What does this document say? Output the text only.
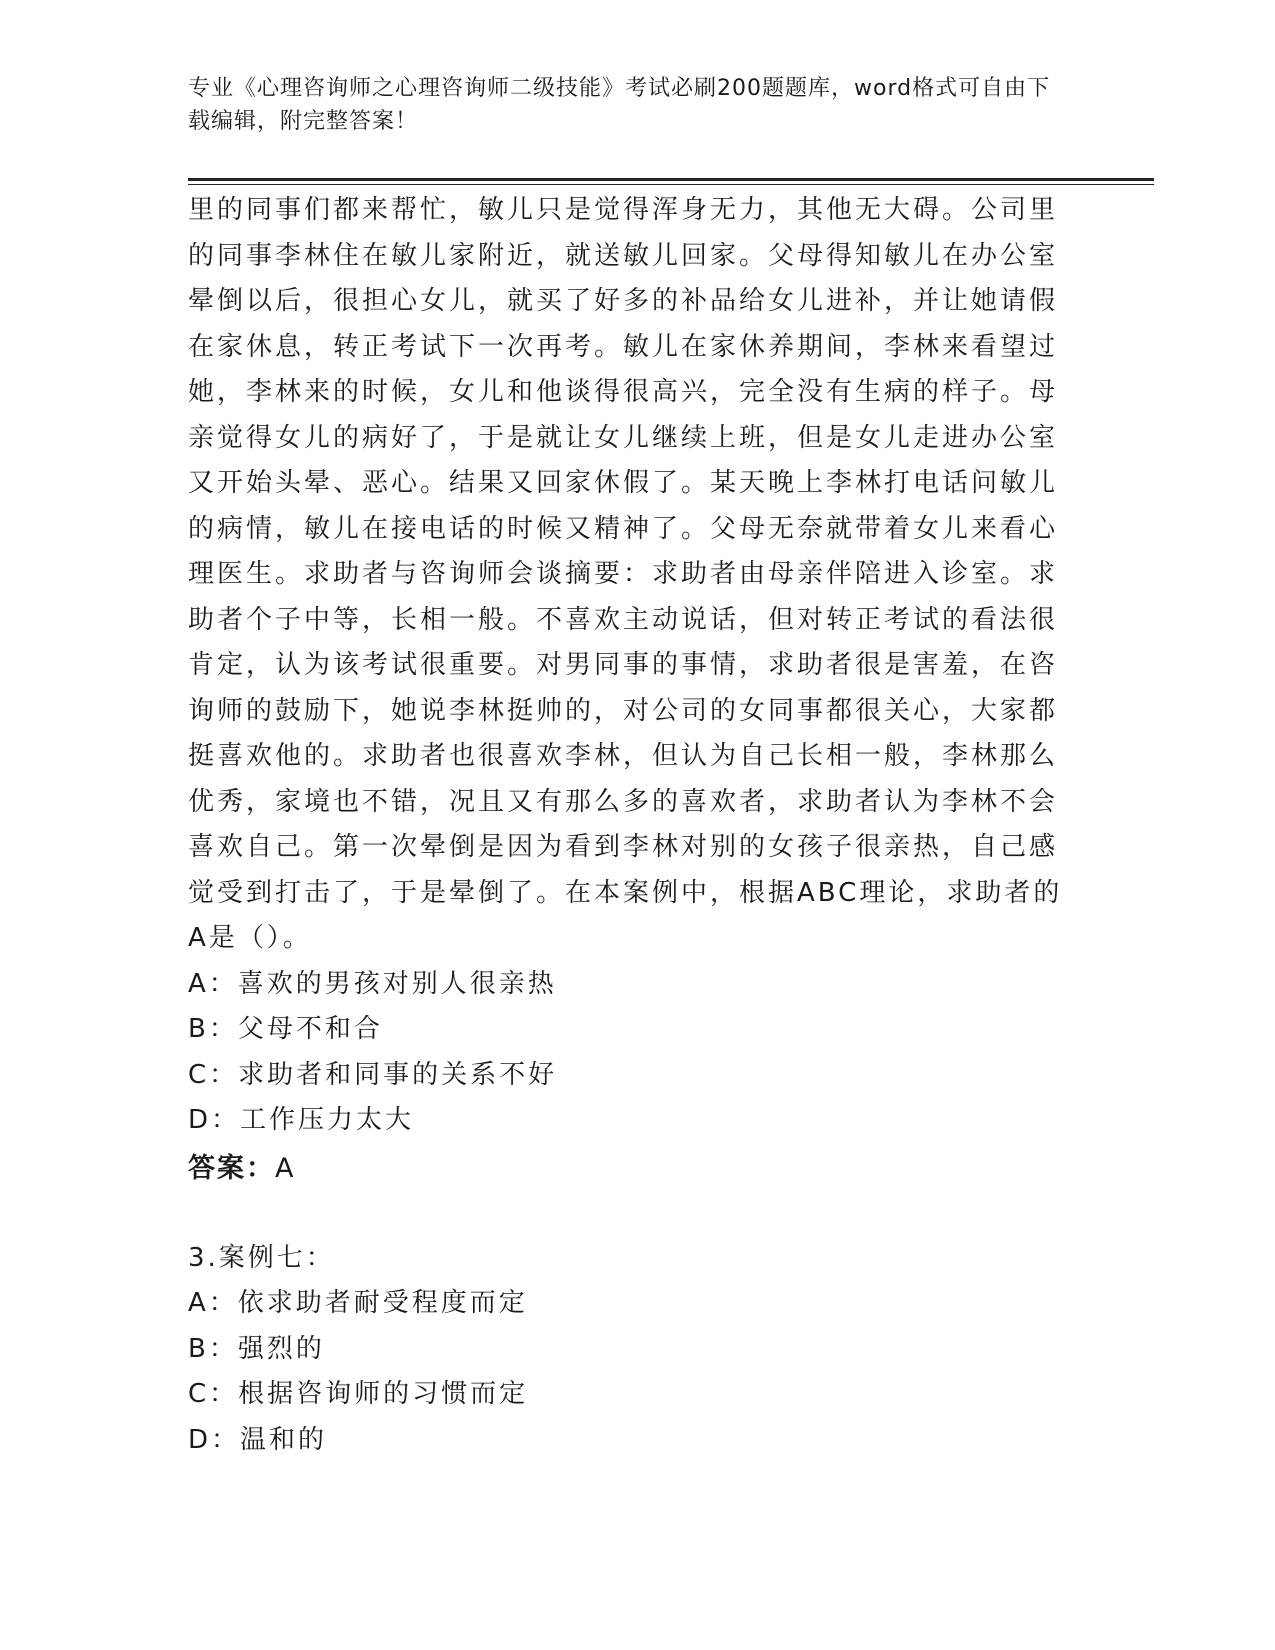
专业《心理咨询师之心理咨询师二级技能》考试必刷200题题库，word格式可自由下载编辑，附完整答案！

里的同事们都来帮忙，敏儿只是觉得浑身无力，其他无大碍。公司里的同事李林住在敏儿家附近，就送敏儿回家。父母得知敏儿在办公室晕倒以后，很担心女儿，就买了好多的补品给女儿进补，并让她请假在家休息，转正考试下一次再考。敏儿在家休养期间，李林来看望过她，李林来的时候，女儿和他谈得很高兴，完全没有生病的样子。母亲觉得女儿的病好了，于是就让女儿继续上班，但是女儿走进办公室又开始头晕、恶心。结果又回家休假了。某天晚上李林打电话问敏儿的病情，敏儿在接电话的时候又精神了。父母无奈就带着女儿来看心理医生。求助者与咨询师会谈摘要：求助者由母亲伴陪进入诊室。求助者个子中等，长相一般。不喜欢主动说话，但对转正考试的看法很肯定，认为该考试很重要。对男同事的事情，求助者很是害羞，在咨询师的鼓励下，她说李林挺帅的，对公司的女同事都很关心，大家都挺喜欢他的。求助者也很喜欢李林，但认为自己长相一般，李林那么优秀，家境也不错，况且又有那么多的喜欢者，求助者认为李林不会喜欢自己。第一次晕倒是因为看到李林对别的女孩子很亲热，自己感觉受到打击了，于是晕倒了。在本案例中，根据ABC理论，求助者的A是（）。

A：喜欢的男孩对别人很亲热

B：父母不和合

C：求助者和同事的关系不好

D：工作压力太大

答案：A

3.案例七：

A：依求助者耐受程度而定

B：强烈的

C：根据咨询师的习惯而定

D：温和的
